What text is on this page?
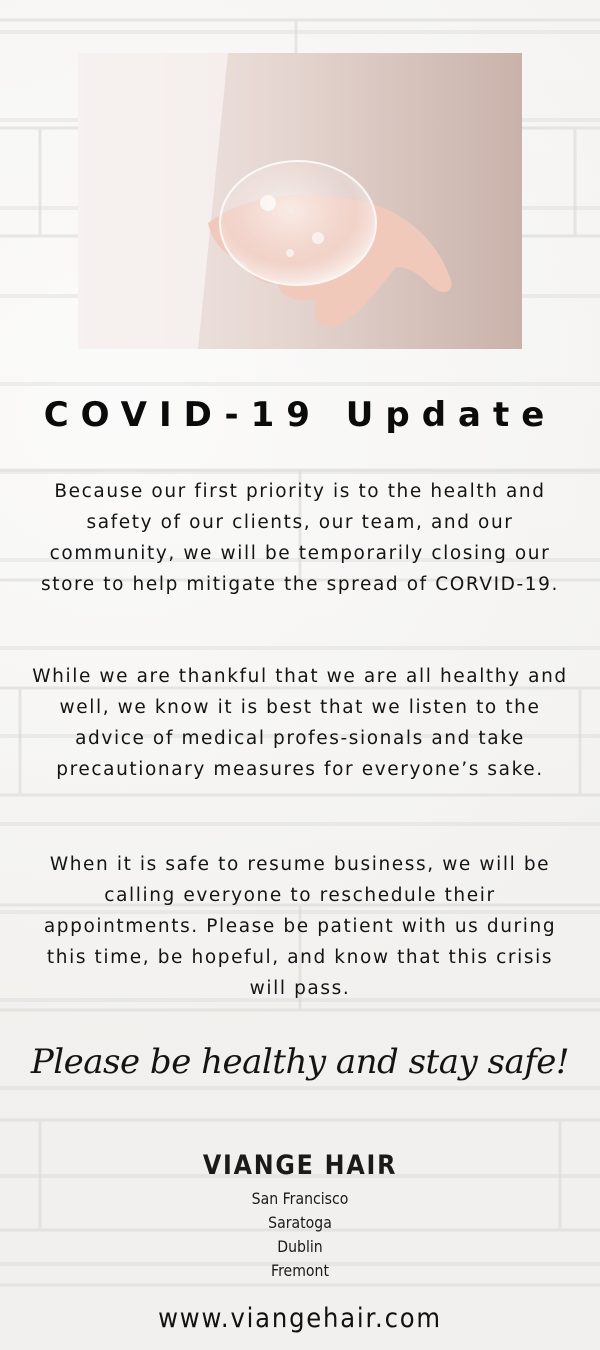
COVID-19 Update

Because our first priority is to the health and safety of our clients, our team, and our community, we will be temporarily closing our store to help mitigate the spread of CORVID-19.

While we are thankful that we are all healthy and well, we know it is best that we listen to the advice of medical profes-sionals and take precautionary measures for everyone’s sake.

When it is safe to resume business, we will be calling everyone to reschedule their appointments. Please be patient with us during this time, be hopeful, and know that this crisis will pass.

Please be healthy and stay safe!

VIANGE HAIR
San Francisco
Saratoga
Dublin
Fremont
www.viangehair.com
